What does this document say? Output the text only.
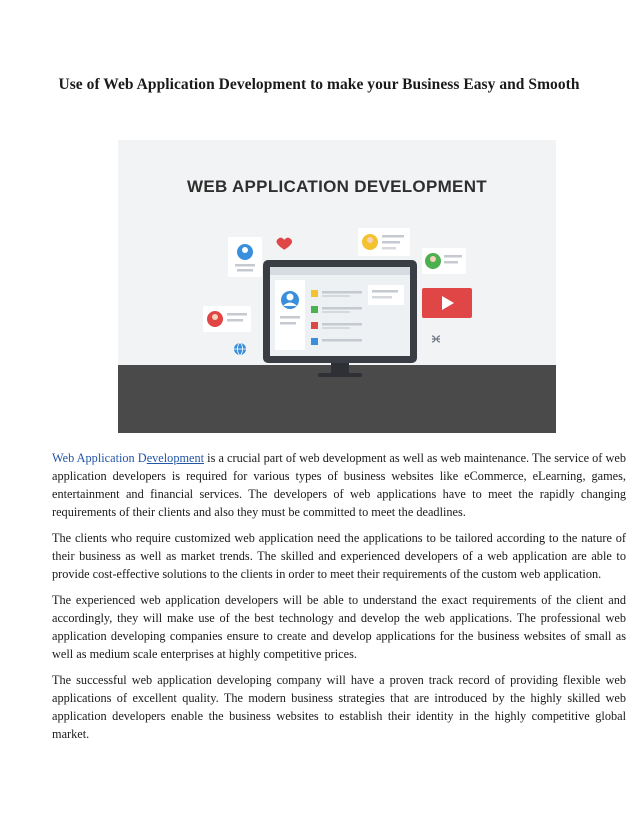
Use of Web Application Development to make your Business Easy and Smooth
WEB APPLICATION DEVELOPMENT

Web Application Development is a crucial part of web development as well as web maintenance. The service of web application developers is required for various types of business websites like eCommerce, eLearning, games, entertainment and financial services. The developers of web applications have to meet the rapidly changing requirements of their clients and also they must be committed to meet the deadlines.

The clients who require customized web application need the applications to be tailored according to the nature of their business as well as market trends. The skilled and experienced developers of a web application are able to provide cost-effective solutions to the clients in order to meet their requirements of the custom web application.

The experienced web application developers will be able to understand the exact requirements of the client and accordingly, they will make use of the best technology and develop the web applications. The professional web application developing companies ensure to create and develop applications for the business websites of small as well as medium scale enterprises at highly competitive prices.

The successful web application developing company will have a proven track record of providing flexible web applications of excellent quality. The modern business strategies that are introduced by the highly skilled web application developers enable the business websites to establish their identity in the highly competitive global market.
